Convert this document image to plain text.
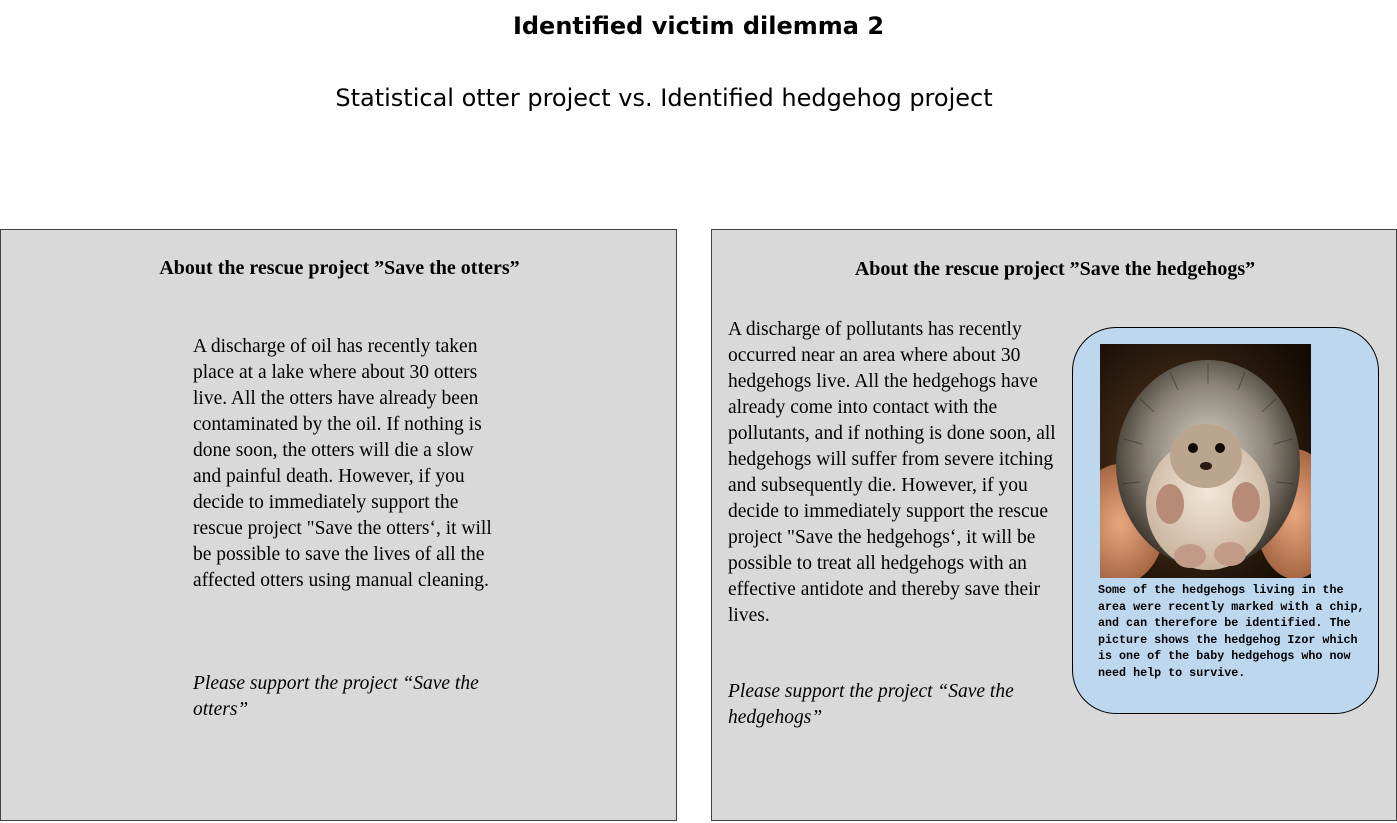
Identified victim dilemma 2

Statistical otter project vs. Identified hedgehog project

About the rescue project ”Save the otters”

A discharge of oil has recently taken place at a lake where about 30 otters live. All the otters have already been contaminated by the oil. If nothing is done soon, the otters will die a slow and painful death. However, if you decide to immediately support the rescue project "Save the otters‘, it will be possible to save the lives of all the affected otters using manual cleaning.

Please support the project “Save the otters”

About the rescue project ”Save the hedgehogs”

A discharge of pollutants has recently occurred near an area where about 30 hedgehogs live. All the hedgehogs have already come into contact with the pollutants, and if nothing is done soon, all hedgehogs will suffer from severe itching and subsequently die. However, if you decide to immediately support the rescue project "Save the hedgehogs‘, it will be possible to treat all hedgehogs with an effective antidote and thereby save their lives.

Please support the project “Save the hedgehogs”

Some of the hedgehogs living in the area were recently marked with a chip, and can therefore be identified. The picture shows the hedgehog Izor which is one of the baby hedgehogs who now need help to survive.
